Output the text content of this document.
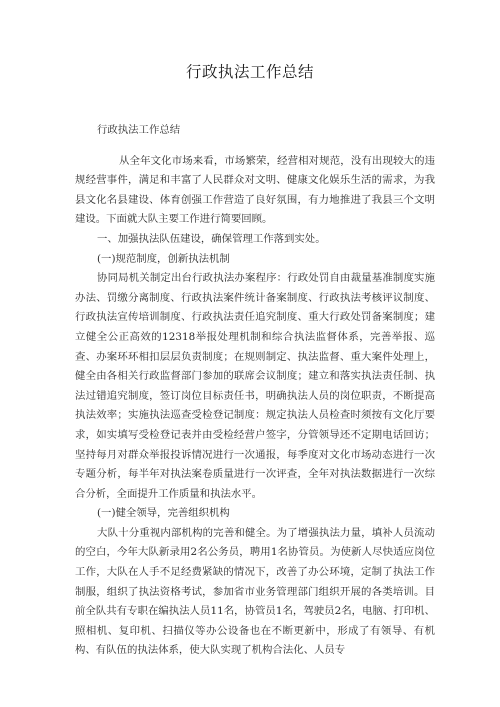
行政执法工作总结

行政执法工作总结

从全年文化市场来看，市场繁荣，经营相对规范，没有出现较大的违规经营事件，满足和丰富了人民群众对文明、健康文化娱乐生活的需求，为我县文化名县建设、体育创强工作营造了良好氛围，有力地推进了我县三个文明建设。下面就大队主要工作进行简要回顾。

一、加强执法队伍建设，确保管理工作落到实处。

(一)规范制度，创新执法机制

协同局机关制定出台行政执法办案程序：行政处罚自由裁量基准制度实施办法、罚缴分离制度、行政执法案件统计备案制度、行政执法考核评议制度、行政执法宣传培训制度、行政执法责任追究制度、重大行政处罚备案制度；建立健全公正高效的12318举报处理机制和综合执法监督体系，完善举报、巡查、办案环环相扣层层负责制度；在规则制定、执法监督、重大案件处理上，健全由各相关行政监督部门参加的联席会议制度；建立和落实执法责任制、执法过错追究制度，签订岗位目标责任书，明确执法人员的岗位职责，不断提高执法效率；实施执法巡查受检登记制度：规定执法人员检查时须按有文化厅要求，如实填写受检登记表并由受检经营户签字，分管领导还不定期电话回访；坚持每月对群众举报投诉情况进行一次通报，每季度对文化市场动态进行一次专题分析，每半年对执法案卷质量进行一次评查，全年对执法数据进行一次综合分析，全面提升工作质量和执法水平。

(一)健全领导，完善组织机构

大队十分重视内部机构的完善和健全。为了增强执法力量，填补人员流动的空白，今年大队新录用2名公务员，聘用1名协管员。为使新人尽快适应岗位工作，大队在人手不足经费紧缺的情况下，改善了办公环境，定制了执法工作制服，组织了执法资格考试，参加省市业务管理部门组织开展的各类培训。目前全队共有专职在编执法人员11名，协管员1名，驾驶员2名，电脑、打印机、照相机、复印机、扫描仪等办公设备也在不断更新中，形成了有领导、有机构、有队伍的执法体系，使大队实现了机构合法化、人员专
